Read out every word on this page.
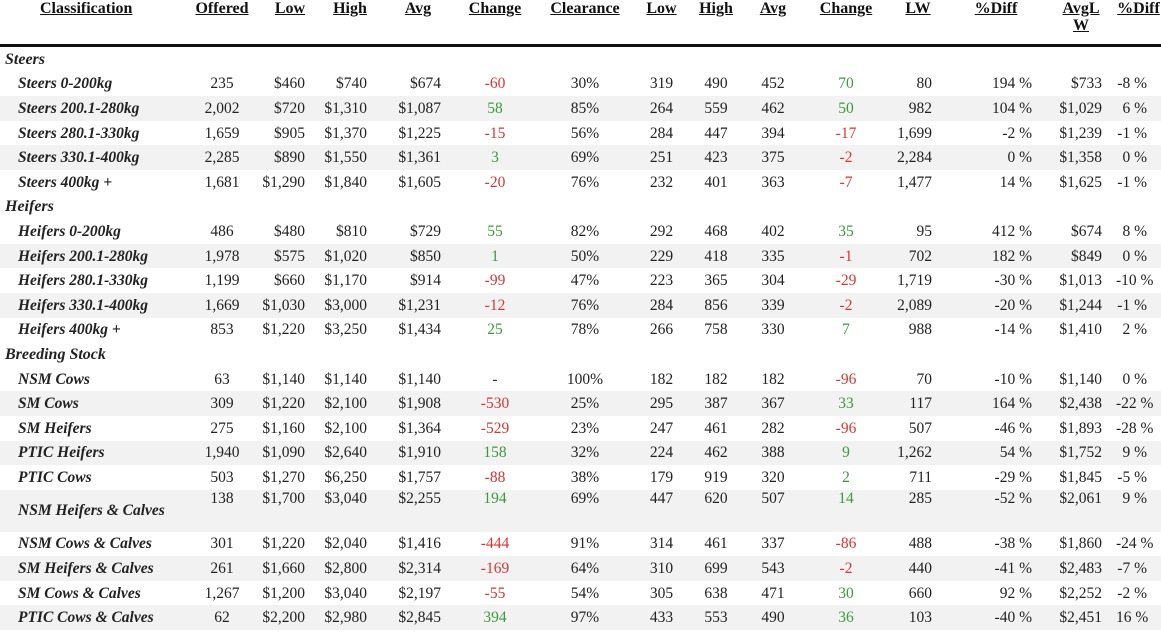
Classification	Offered	Low	High	Avg	Change	Clearance	Low	High	Avg	Change	LW	%Diff	AvgL W	%Diff
Steers														
Steers 0-200kg	235	$460	$740	$674	-60	30%	319	490	452	70	80	194 %	$733	-8 %
Steers 200.1-280kg	2,002	$720	$1,310	$1,087	58	85%	264	559	462	50	982	104 %	$1,029	6 %
Steers 280.1-330kg	1,659	$905	$1,370	$1,225	-15	56%	284	447	394	-17	1,699	-2 %	$1,239	-1 %
Steers 330.1-400kg	2,285	$890	$1,550	$1,361	3	69%	251	423	375	-2	2,284	0 %	$1,358	0 %
Steers 400kg +	1,681	$1,290	$1,840	$1,605	-20	76%	232	401	363	-7	1,477	14 %	$1,625	-1 %
Heifers														
Heifers 0-200kg	486	$480	$810	$729	55	82%	292	468	402	35	95	412 %	$674	8 %
Heifers 200.1-280kg	1,978	$575	$1,020	$850	1	50%	229	418	335	-1	702	182 %	$849	0 %
Heifers 280.1-330kg	1,199	$660	$1,170	$914	-99	47%	223	365	304	-29	1,719	-30 %	$1,013	-10 %
Heifers 330.1-400kg	1,669	$1,030	$3,000	$1,231	-12	76%	284	856	339	-2	2,089	-20 %	$1,244	-1 %
Heifers 400kg +	853	$1,220	$3,250	$1,434	25	78%	266	758	330	7	988	-14 %	$1,410	2 %
Breeding Stock														
NSM Cows	63	$1,140	$1,140	$1,140	-	100%	182	182	182	-96	70	-10 %	$1,140	0 %
SM Cows	309	$1,220	$2,100	$1,908	-530	25%	295	387	367	33	117	164 %	$2,438	-22 %
SM Heifers	275	$1,160	$2,100	$1,364	-529	23%	247	461	282	-96	507	-46 %	$1,893	-28 %
PTIC Heifers	1,940	$1,090	$2,640	$1,910	158	32%	224	462	388	9	1,262	54 %	$1,752	9 %
PTIC Cows	503	$1,270	$6,250	$1,757	-88	38%	179	919	320	2	711	-29 %	$1,845	-5 %
NSM Heifers & Calves	138	$1,700	$3,040	$2,255	194	69%	447	620	507	14	285	-52 %	$2,061	9 %
NSM Cows & Calves	301	$1,220	$2,040	$1,416	-444	91%	314	461	337	-86	488	-38 %	$1,860	-24 %
SM Heifers & Calves	261	$1,660	$2,800	$2,314	-169	64%	310	699	543	-2	440	-41 %	$2,483	-7 %
SM Cows & Calves	1,267	$1,200	$3,040	$2,197	-55	54%	305	638	471	30	660	92 %	$2,252	-2 %
PTIC Cows & Calves	62	$2,200	$2,980	$2,845	394	97%	433	553	490	36	103	-40 %	$2,451	16 %
